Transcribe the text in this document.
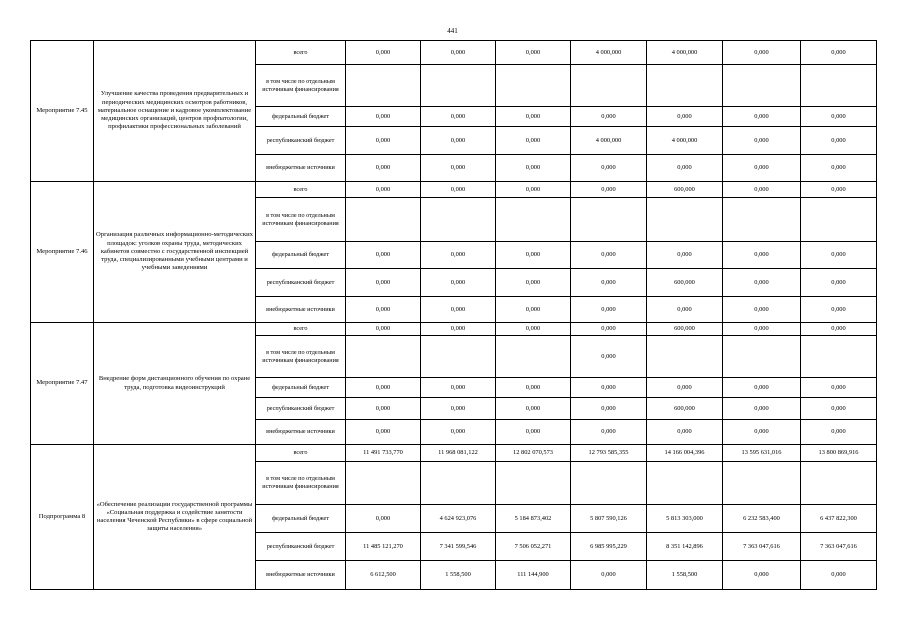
441
Мероприятие 7.45	Улучшение качества проведения предварительных и периодических медицинских осмотров работников, материальное оснащение и кадровое укомплектование медицинских организаций, центров профпатологии, профилактики профессиональных заболеваний	всего	0,000	0,000	0,000	4 000,000	4 000,000	0,000	0,000
		в том числе по отдельным источникам финансирования							
		федеральный бюджет	0,000	0,000	0,000	0,000	0,000	0,000	0,000
		республиканский бюджет	0,000	0,000	0,000	4 000,000	4 000,000	0,000	0,000
		внебюджетные источники	0,000	0,000	0,000	0,000	0,000	0,000	0,000
Мероприятие 7.46	Организация различных информационно-методических площадок: уголков охраны труда, методических кабинетов совместно с государственной инспекцией труда, специализированными учебными центрами и учебными заведениями	всего	0,000	0,000	0,000	0,000	600,000	0,000	0,000
		в том числе по отдельным источникам финансирования							
		федеральный бюджет	0,000	0,000	0,000	0,000	0,000	0,000	0,000
		республиканский бюджет	0,000	0,000	0,000	0,000	600,000	0,000	0,000
		внебюджетные источники	0,000	0,000	0,000	0,000	0,000	0,000	0,000
Мероприятие 7.47	Внедрение форм дистанционного обучения по охране труда, подготовка видеоинструкций	всего	0,000	0,000	0,000	0,000	600,000	0,000	0,000
		в том числе по отдельным источникам финансирования				0,000			
		федеральный бюджет	0,000	0,000	0,000	0,000	0,000	0,000	0,000
		республиканский бюджет	0,000	0,000	0,000	0,000	600,000	0,000	0,000
		внебюджетные источники	0,000	0,000	0,000	0,000	0,000	0,000	0,000
Подпрограмма 8	«Обеспечение реализации государственной программы «Социальная поддержка и содействие занятости населения Чеченской Республики» в сфере социальной защиты населения»	всего	11 491 733,770	11 968 081,122	12 802 070,573	12 793 585,355	14 166 004,396	13 595 631,016	13 800 869,916
		в том числе по отдельным источникам финансирования							
		федеральный бюджет	0,000	4 624 923,076	5 184 873,402	5 807 590,126	5 813 303,000	6 232 583,400	6 437 822,300
		республиканский бюджет	11 485 121,270	7 341 599,546	7 506 052,271	6 985 995,229	8 351 142,896	7 363 047,616	7 363 047,616
		внебюджетные источники	6 612,500	1 558,500	111 144,900	0,000	1 558,500	0,000	0,000
